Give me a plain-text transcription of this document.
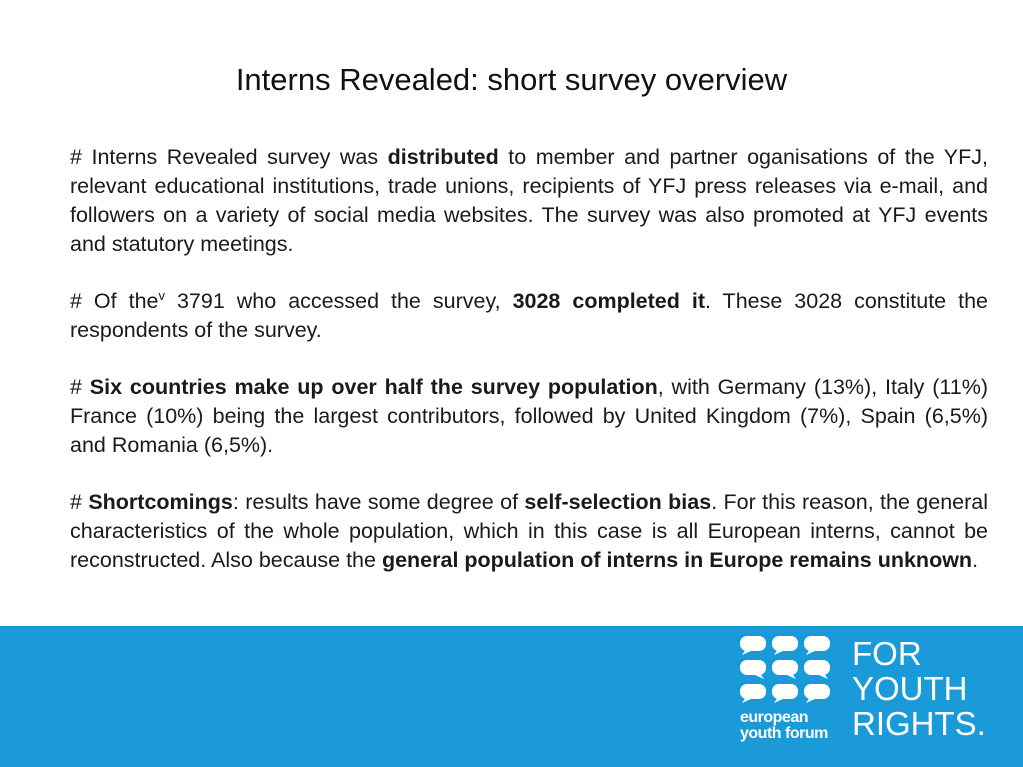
Interns Revealed: short survey overview

# Interns Revealed survey was distributed to member and partner oganisations of the YFJ, relevant educational institutions, trade unions, recipients of YFJ press releases via e-mail, and followers on a variety of social media websites. The survey was also promoted at YFJ events and statutory meetings.

# Of the$^v$ 3791 who accessed the survey, 3028 completed it. These 3028 constitute the respondents of the survey.

# Six countries make up over half the survey population, with Germany (13%), Italy (11%) France (10%) being the largest contributors, followed by United Kingdom (7%), Spain (6,5%) and Romania (6,5%).

# Shortcomings: results have some degree of self-selection bias. For this reason, the general characteristics of the whole population, which in this case is all European interns, cannot be reconstructed. Also because the general population of interns in Europe remains unknown.

european
youth forum
FOR
YOUTH
RIGHTS.
